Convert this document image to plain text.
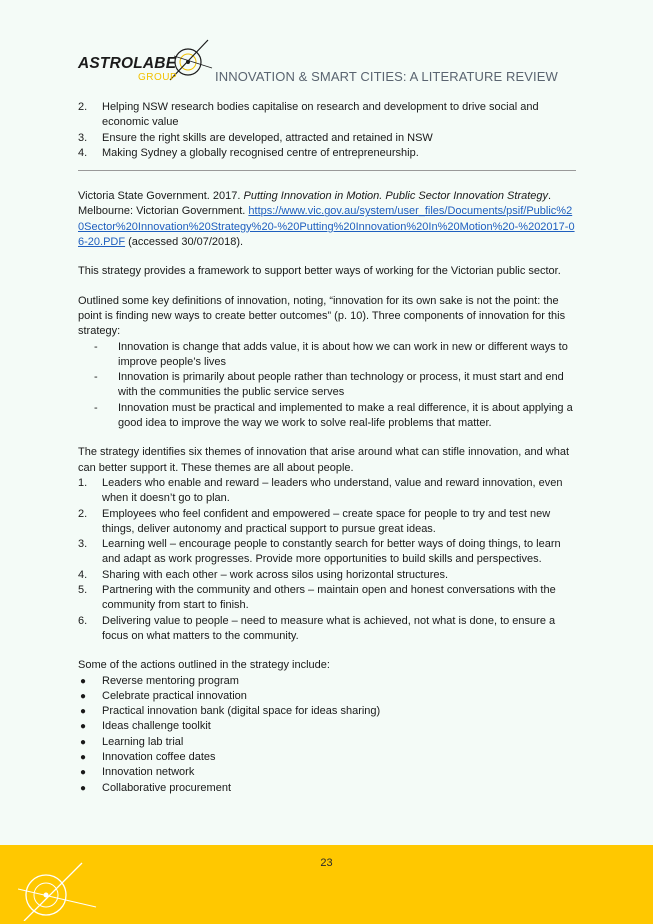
ASTROLABE
GROUP	INNOVATION & SMART CITIES: A LITERATURE REVIEW
2. Helping NSW research bodies capitalise on research and development to drive social and economic value
3. Ensure the right skills are developed, attracted and retained in NSW
4. Making Sydney a globally recognised centre of entrepreneurship.

Victoria State Government. 2017. Putting Innovation in Motion. Public Sector Innovation Strategy. Melbourne: Victorian Government. https://www.vic.gov.au/system/user_files/Documents/psif/Public%20Sector%20Innovation%20Strategy%20-%20Putting%20Innovation%20In%20Motion%20-%202017-06-20.PDF (accessed 30/07/2018).

This strategy provides a framework to support better ways of working for the Victorian public sector.

Outlined some key definitions of innovation, noting, “innovation for its own sake is not the point: the point is finding new ways to create better outcomes” (p. 10). Three components of innovation for this strategy:

- Innovation is change that adds value, it is about how we can work in new or different ways to improve people’s lives
- Innovation is primarily about people rather than technology or process, it must start and end with the communities the public service serves
- Innovation must be practical and implemented to make a real difference, it is about applying a good idea to improve the way we work to solve real-life problems that matter.

The strategy identifies six themes of innovation that arise around what can stifle innovation, and what can better support it. These themes are all about people.

1. Leaders who enable and reward – leaders who understand, value and reward innovation, even when it doesn’t go to plan.
2. Employees who feel confident and empowered – create space for people to try and test new things, deliver autonomy and practical support to pursue great ideas.
3. Learning well – encourage people to constantly search for better ways of doing things, to learn and adapt as work progresses. Provide more opportunities to build skills and perspectives.
4. Sharing with each other – work across silos using horizontal structures.
5. Partnering with the community and others – maintain open and honest conversations with the community from start to finish.
6. Delivering value to people – need to measure what is achieved, not what is done, to ensure a focus on what matters to the community.

Some of the actions outlined in the strategy include:

● Reverse mentoring program
● Celebrate practical innovation
● Practical innovation bank (digital space for ideas sharing)
● Ideas challenge toolkit
● Learning lab trial
● Innovation coffee dates
● Innovation network
● Collaborative procurement
23
